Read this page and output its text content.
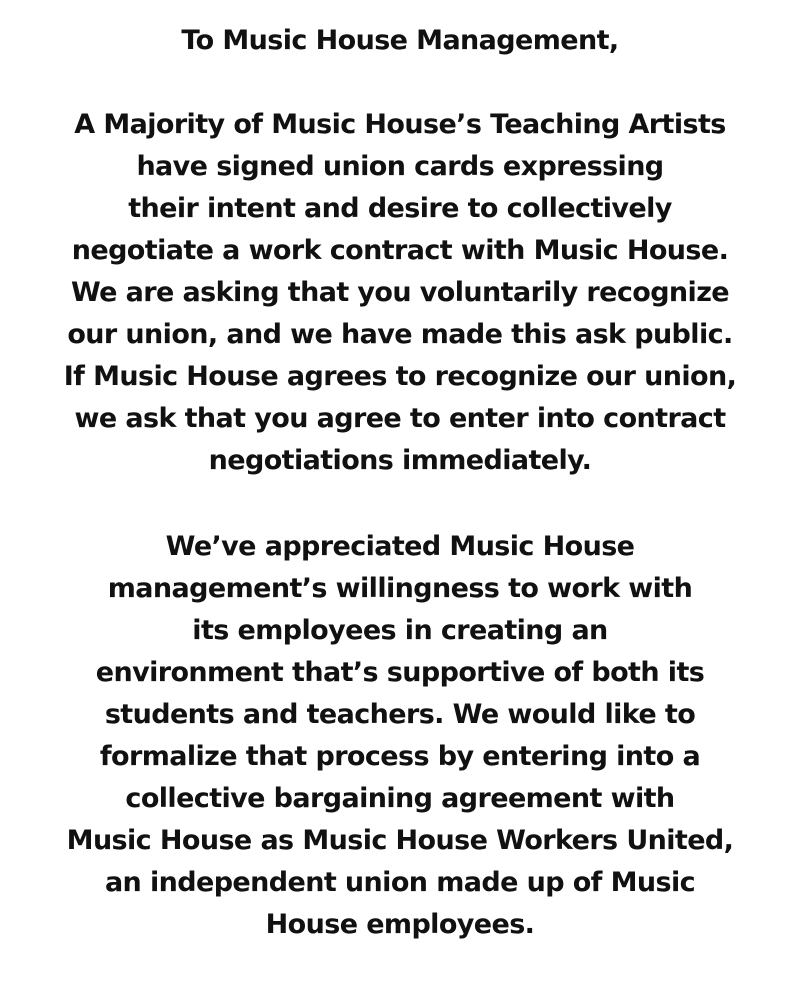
To Music House Management,
A Majority of Music House’s Teaching Artists
have signed union cards expressing
their intent and desire to collectively
negotiate a work contract with Music House.
We are asking that you voluntarily recognize
our union, and we have made this ask public.
If Music House agrees to recognize our union,
we ask that you agree to enter into contract
negotiations immediately.
We’ve appreciated Music House
management’s willingness to work with
its employees in creating an
environment that’s supportive of both its
students and teachers. We would like to
formalize that process by entering into a
collective bargaining agreement with
Music House as Music House Workers United,
an independent union made up of Music
House employees.
